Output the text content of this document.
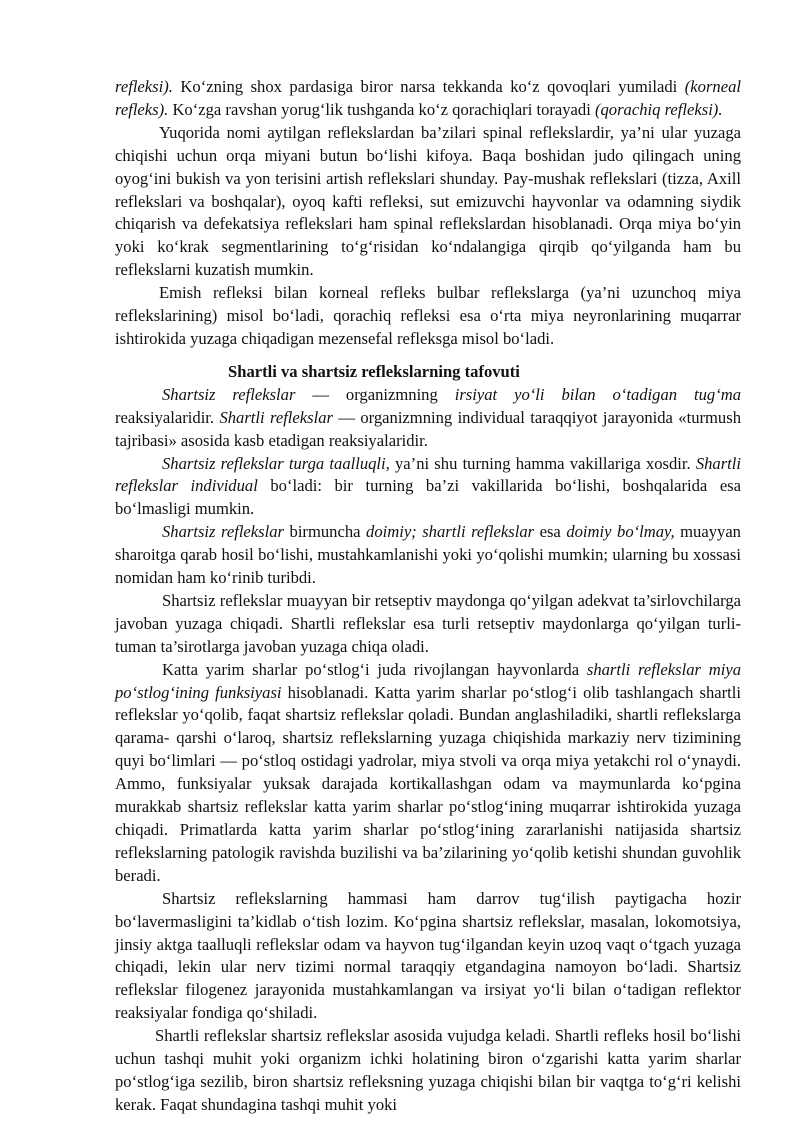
refleksi). Ko‘zning shox pardasiga biror narsa tekkanda ko‘z qovoqlari yumiladi (korneal refleks). Ko‘zga ravshan yorug‘lik tushganda ko‘z qorachiqlari torayadi (qorachiq refleksi).

Yuqorida nomi aytilgan reflekslardan ba’zilari spinal reflekslardir, ya’ni ular yuzaga chiqishi uchun orqa miyani butun bo‘lishi kifoya. Baqa boshidan judo qilingach uning oyog‘ini bukish va yon terisini artish reflekslari shunday. Pay-mushak reflekslari (tizza, Axill reflekslari va boshqalar), oyoq kafti refleksi, sut emizuvchi hayvonlar va odamning siydik chiqarish va defekatsiya reflekslari ham spinal reflekslardan hisoblanadi. Orqa miya bo‘yin yoki ko‘krak segmentlarining to‘g‘risidan ko‘ndalangiga qirqib qo‘yilganda ham bu reflekslarni kuzatish mumkin.

Emish refleksi bilan korneal refleks bulbar reflekslarga (ya’ni uzunchoq miya reflekslarining) misol bo‘ladi, qorachiq refleksi esa o‘rta miya neyronlarining muqarrar ishtirokida yuzaga chiqadigan mezensefal refleksga misol bo‘ladi.

Shartli va shartsiz reflekslarning tafovuti

Shartsiz reflekslar — organizmning irsiyat yo‘li bilan o‘tadigan tug‘ma reaksiyalaridir. Shartli reflekslar — organizmning individual taraqqiyot jarayonida «turmush tajribasi» asosida kasb etadigan reaksiyalaridir.

Shartsiz reflekslar turga taalluqli, ya’ni shu turning hamma vakillariga xosdir. Shartli reflekslar individual bo‘ladi: bir turning ba’zi vakillarida bo‘lishi, boshqalarida esa bo‘lmasligi mumkin.

Shartsiz reflekslar birmuncha doimiy; shartli reflekslar esa doimiy bo‘lmay, muayyan sharoitga qarab hosil bo‘lishi, mustahkamlanishi yoki yo‘qolishi mumkin; ularning bu xossasi nomidan ham ko‘rinib turibdi.

Shartsiz reflekslar muayyan bir retseptiv maydonga qo‘yilgan adekvat ta’sirlovchilarga javoban yuzaga chiqadi. Shartli reflekslar esa turli retseptiv maydonlarga qo‘yilgan turli-tuman ta’sirotlarga javoban yuzaga chiqa oladi.

Katta yarim sharlar po‘stlog‘i juda rivojlangan hayvonlarda shartli reflekslar miya po‘stlog‘ining funksiyasi hisoblanadi. Katta yarim sharlar po‘stlog‘i olib tashlangach shartli reflekslar yo‘qolib, faqat shartsiz reflekslar qoladi. Bundan anglashiladiki, shartli reflekslarga qarama- qarshi o‘laroq, shartsiz reflekslarning yuzaga chiqishida markaziy nerv tizimining quyi bo‘limlari — po‘stloq ostidagi yadrolar, miya stvoli va orqa miya yetakchi rol o‘ynaydi. Ammo, funksiyalar yuksak darajada kortikallashgan odam va maymunlarda ko‘pgina murakkab shartsiz reflekslar katta yarim sharlar po‘stlog‘ining muqarrar ishtirokida yuzaga chiqadi. Primatlarda katta yarim sharlar po‘stlog‘ining zararlanishi natijasida shartsiz reflekslarning patologik ravishda buzilishi va ba’zilarining yo‘qolib ketishi shundan guvohlik beradi.

Shartsiz reflekslarning hammasi ham darrov tug‘ilish paytigacha hozir bo‘lavermasligini ta’kidlab o‘tish lozim. Ko‘pgina shartsiz reflekslar, masalan, lokomotsiya, jinsiy aktga taalluqli reflekslar odam va hayvon tug‘ilgandan keyin uzoq vaqt o‘tgach yuzaga chiqadi, lekin ular nerv tizimi normal taraqqiy etgandagina namoyon bo‘ladi. Shartsiz reflekslar filogenez jarayonida mustahkamlangan va irsiyat yo‘li bilan o‘tadigan reflektor reaksiyalar fondiga qo‘shiladi.

Shartli reflekslar shartsiz reflekslar asosida vujudga keladi. Shartli refleks hosil bo‘lishi uchun tashqi muhit yoki organizm ichki holatining biron o‘zgarishi katta yarim sharlar po‘stlog‘iga sezilib, biron shartsiz refleksning yuzaga chiqishi bilan bir vaqtga to‘g‘ri kelishi kerak. Faqat shundagina tashqi muhit yoki
